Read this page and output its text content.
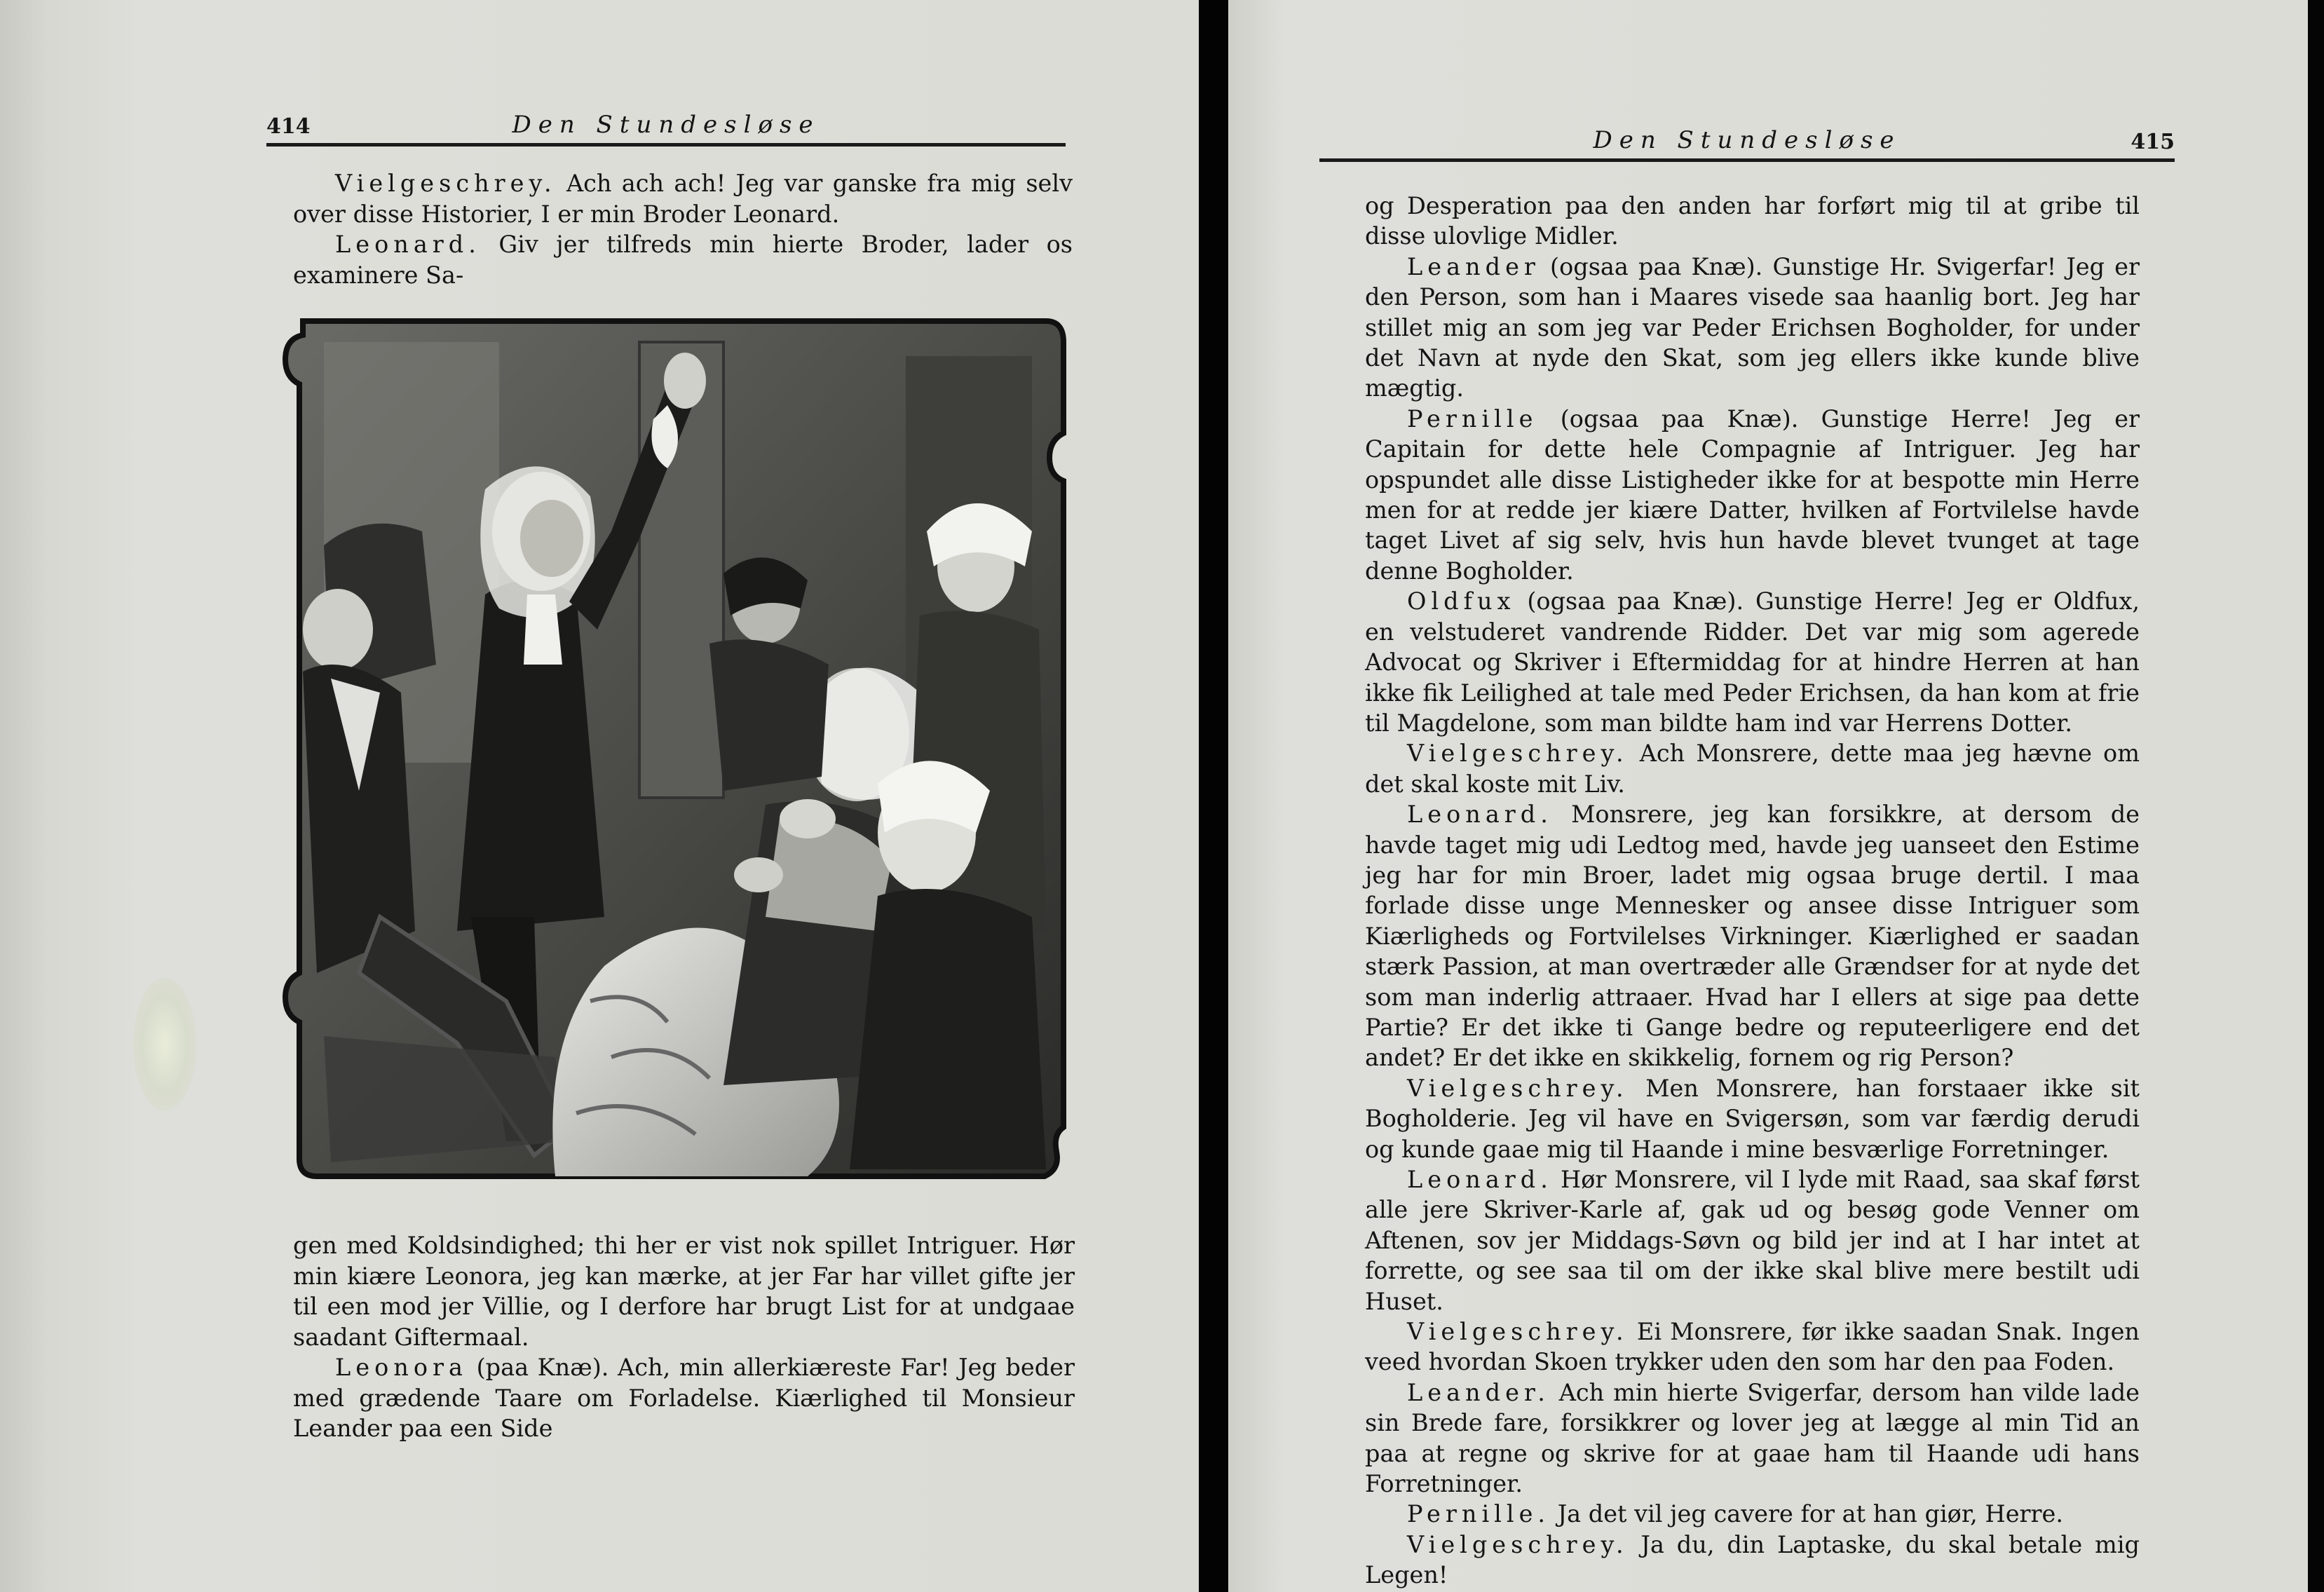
414	Den Stundesløse

Vielgeschrey. Ach ach ach! Jeg var ganske fra mig selv over disse Historier, I er min Broder Leonard.

Leonard. Giv jer tilfreds min hierte Broder, lader os examinere Sa-

gen med Koldsindighed; thi her er vist nok spillet Intriguer. Hør min kiære Leonora, jeg kan mærke, at jer Far har villet gifte jer til een mod jer Villie, og I derfore har brugt List for at undgaae saadant Giftermaal.

Leonora (paa Knæ). Ach, min allerkiæreste Far! Jeg beder med grædende Taare om Forladelse. Kiærlighed til Monsieur Leander paa een Side

Den Stundesløse	415

og Desperation paa den anden har forført mig til at gribe til disse ulovlige Midler.

Leander (ogsaa paa Knæ). Gunstige Hr. Svigerfar! Jeg er den Person, som han i Maares visede saa haanlig bort. Jeg har stillet mig an som jeg var Peder Erichsen Bogholder, for under det Navn at nyde den Skat, som jeg ellers ikke kunde blive mægtig.

Pernille (ogsaa paa Knæ). Gunstige Herre! Jeg er Capitain for dette hele Compagnie af Intriguer. Jeg har opspundet alle disse Listigheder ikke for at bespotte min Herre men for at redde jer kiære Datter, hvilken af Fortvilelse havde taget Livet af sig selv, hvis hun havde blevet tvunget at tage denne Bogholder.

Oldfux (ogsaa paa Knæ). Gunstige Herre! Jeg er Oldfux, en velstuderet vandrende Ridder. Det var mig som agerede Advocat og Skriver i Eftermiddag for at hindre Herren at han ikke fik Leilighed at tale med Peder Erichsen, da han kom at frie til Magdelone, som man bildte ham ind var Herrens Dotter.

Vielgeschrey. Ach Monsrere, dette maa jeg hævne om det skal koste mit Liv.

Leonard. Monsrere, jeg kan forsikkre, at dersom de havde taget mig udi Ledtog med, havde jeg uanseet den Estime jeg har for min Broer, ladet mig ogsaa bruge dertil. I maa forlade disse unge Mennesker og ansee disse Intriguer som Kiærligheds og Fortvilelses Virkninger. Kiærlighed er saadan stærk Passion, at man overtræder alle Grændser for at nyde det som man inderlig attraaer. Hvad har I ellers at sige paa dette Partie? Er det ikke ti Gange bedre og reputeerligere end det andet? Er det ikke en skikkelig, fornem og rig Person?

Vielgeschrey. Men Monsrere, han forstaaer ikke sit Bogholderie. Jeg vil have en Svigersøn, som var færdig derudi og kunde gaae mig til Haande i mine besværlige Forretninger.

Leonard. Hør Monsrere, vil I lyde mit Raad, saa skaf først alle jere Skriver-Karle af, gak ud og besøg gode Venner om Aftenen, sov jer Middags-Søvn og bild jer ind at I har intet at forrette, og see saa til om der ikke skal blive mere bestilt udi Huset.

Vielgeschrey. Ei Monsrere, før ikke saadan Snak. Ingen veed hvordan Skoen trykker uden den som har den paa Foden.

Leander. Ach min hierte Svigerfar, dersom han vilde lade sin Brede fare, forsikkrer og lover jeg at lægge al min Tid an paa at regne og skrive for at gaae ham til Haande udi hans Forretninger.

Pernille. Ja det vil jeg cavere for at han giør, Herre.

Vielgeschrey. Ja du, din Laptaske, du skal betale mig Legen!
